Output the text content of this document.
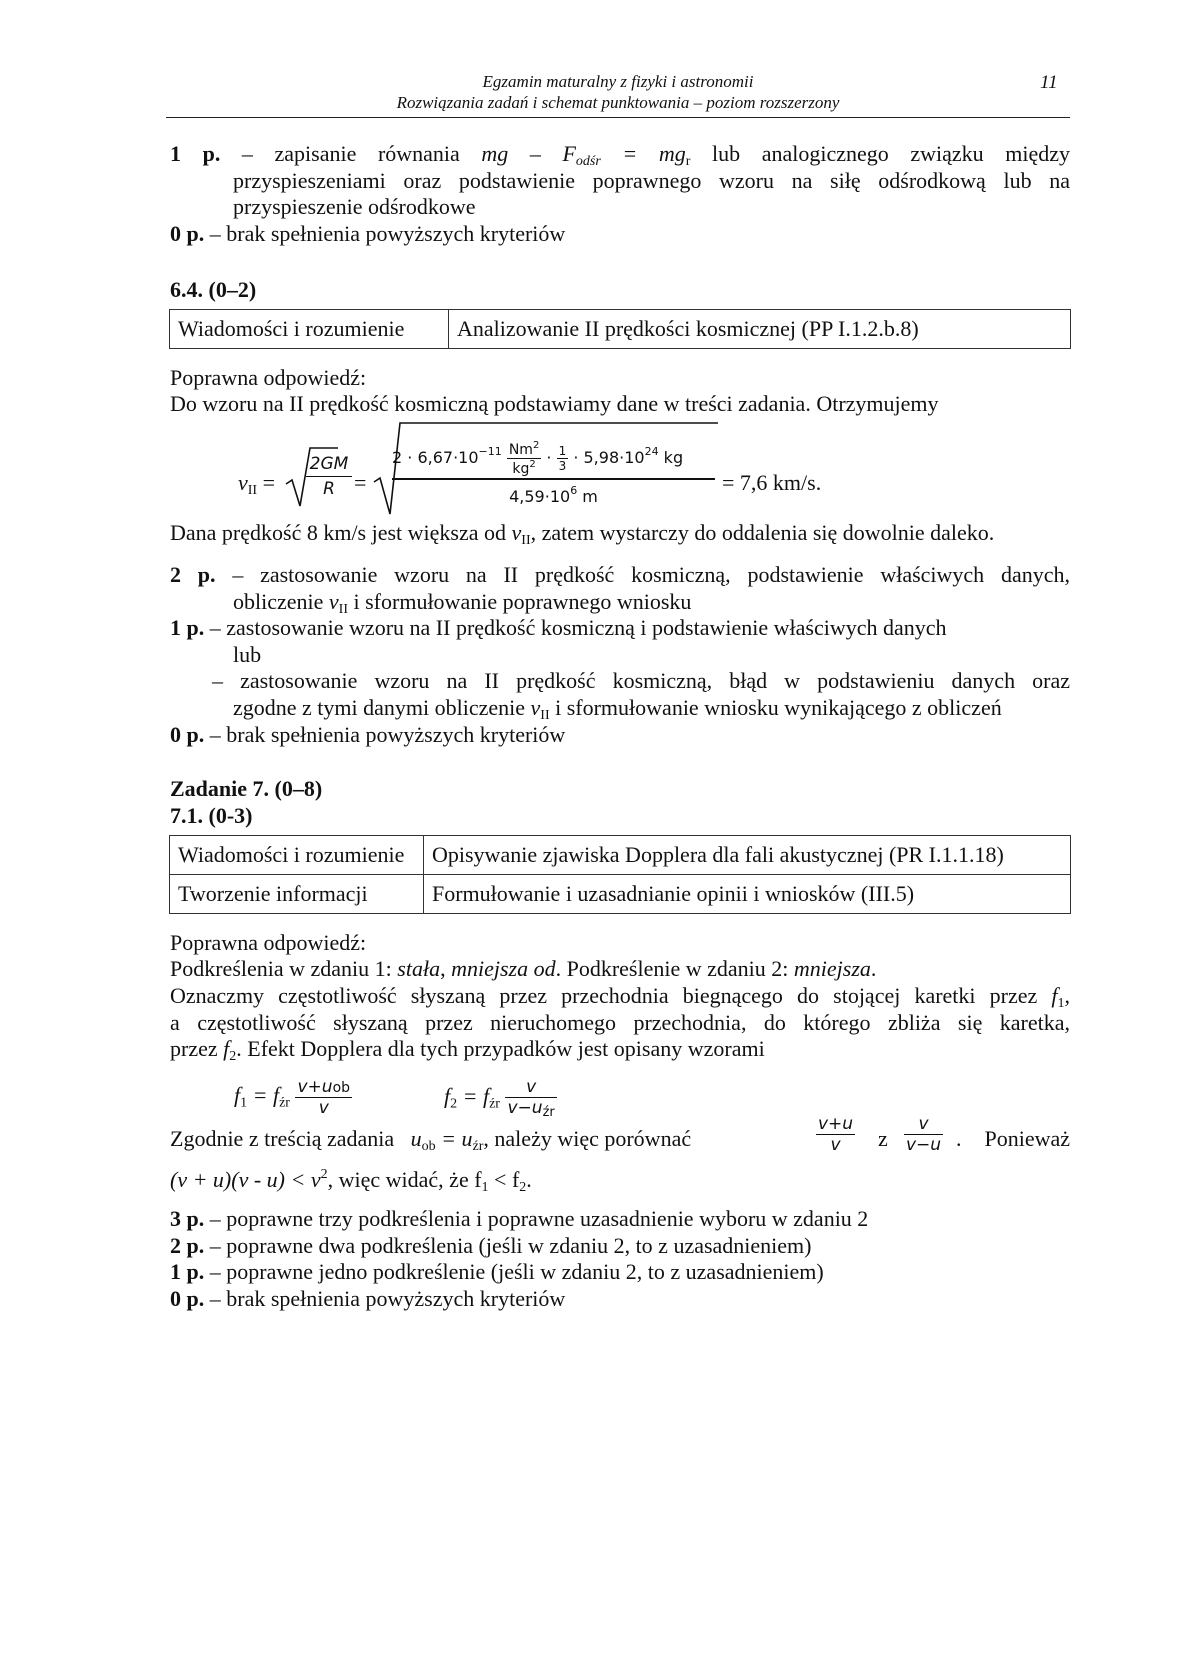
Egzamin maturalny z fizyki i astronomii
Rozwiązania zadań i schemat punktowania – poziom rozszerzony
11
1 p. – zapisanie równania mg – $F_{odśr} = mg_r$ lub analogicznego związku między
przyspieszeniami oraz podstawienie poprawnego wzoru na siłę odśrodkową lub na
przyspieszenie odśrodkowe
0 p. – brak spełnienia powyższych kryteriów
6.4. (0–2)
Wiadomości i rozumienie	Analizowanie II prędkości kosmicznej (PP I.1.2.b.8)
Poprawna odpowiedź:
Do wzoru na II prędkość kosmiczną podstawiamy dane w treści zadania. Otrzymujemy
$v_{II}$ =
2GM
R =
$2 \cdot 6,67\cdot 10^{-11} \frac{Nm^2}{kg^2} \cdot \frac{1}{3} \cdot 5,98\cdot 10^{24}$ kg
$4,59\cdot 10^6$ m
= 7,6 km/s.
Dana prędkość 8 km/s jest większa od $v_{II}$, zatem wystarczy do oddalenia się dowolnie daleko.
2 p. – zastosowanie wzoru na II prędkość kosmiczną, podstawienie właściwych danych,
obliczenie $v_{II}$ i sformułowanie poprawnego wniosku
1 p. – zastosowanie wzoru na II prędkość kosmiczną i podstawienie właściwych danych
lub
– zastosowanie wzoru na II prędkość kosmiczną, błąd w podstawieniu danych oraz
zgodne z tymi danymi obliczenie $v_{II}$ i sformułowanie wniosku wynikającego z obliczeń
0 p. – brak spełnienia powyższych kryteriów
Zadanie 7. (0–8)
7.1. (0-3)
Wiadomości i rozumienie	Opisywanie zjawiska Dopplera dla fali akustycznej (PR I.1.1.18)
Tworzenie informacji	Formułowanie i uzasadnianie opinii i wniosków (III.5)
Poprawna odpowiedź:
Podkreślenia w zdaniu 1: stała, mniejsza od. Podkreślenie w zdaniu 2: mniejsza.
Oznaczmy częstotliwość słyszaną przez przechodnia biegnącego do stojącej karetki przez $f_1$,
a częstotliwość słyszaną przez nieruchomego przechodnia, do którego zbliża się karetka,
przez $f_2$. Efekt Dopplera dla tych przypadków jest opisany wzorami
$f_1 = f_{źr} \frac{\text{v+uob}}{v}$	$f_2 = f_{źr} \frac{v}{\text{v−uźr}}$
Zgodnie z treścią zadania $u_{ob} = u_{źr}$, należy więc porównać	$\frac{v+u}{v}$ z $\frac{v}{v-u}$ . Ponieważ
$(v + u)(v - u) < v^2$, więc widać, że $f_1 < f_2$.
3 p. – poprawne trzy podkreślenia i poprawne uzasadnienie wyboru w zdaniu 2
2 p. – poprawne dwa podkreślenia (jeśli w zdaniu 2, to z uzasadnieniem)
1 p. – poprawne jedno podkreślenie (jeśli w zdaniu 2, to z uzasadnieniem)
0 p. – brak spełnienia powyższych kryteriów
